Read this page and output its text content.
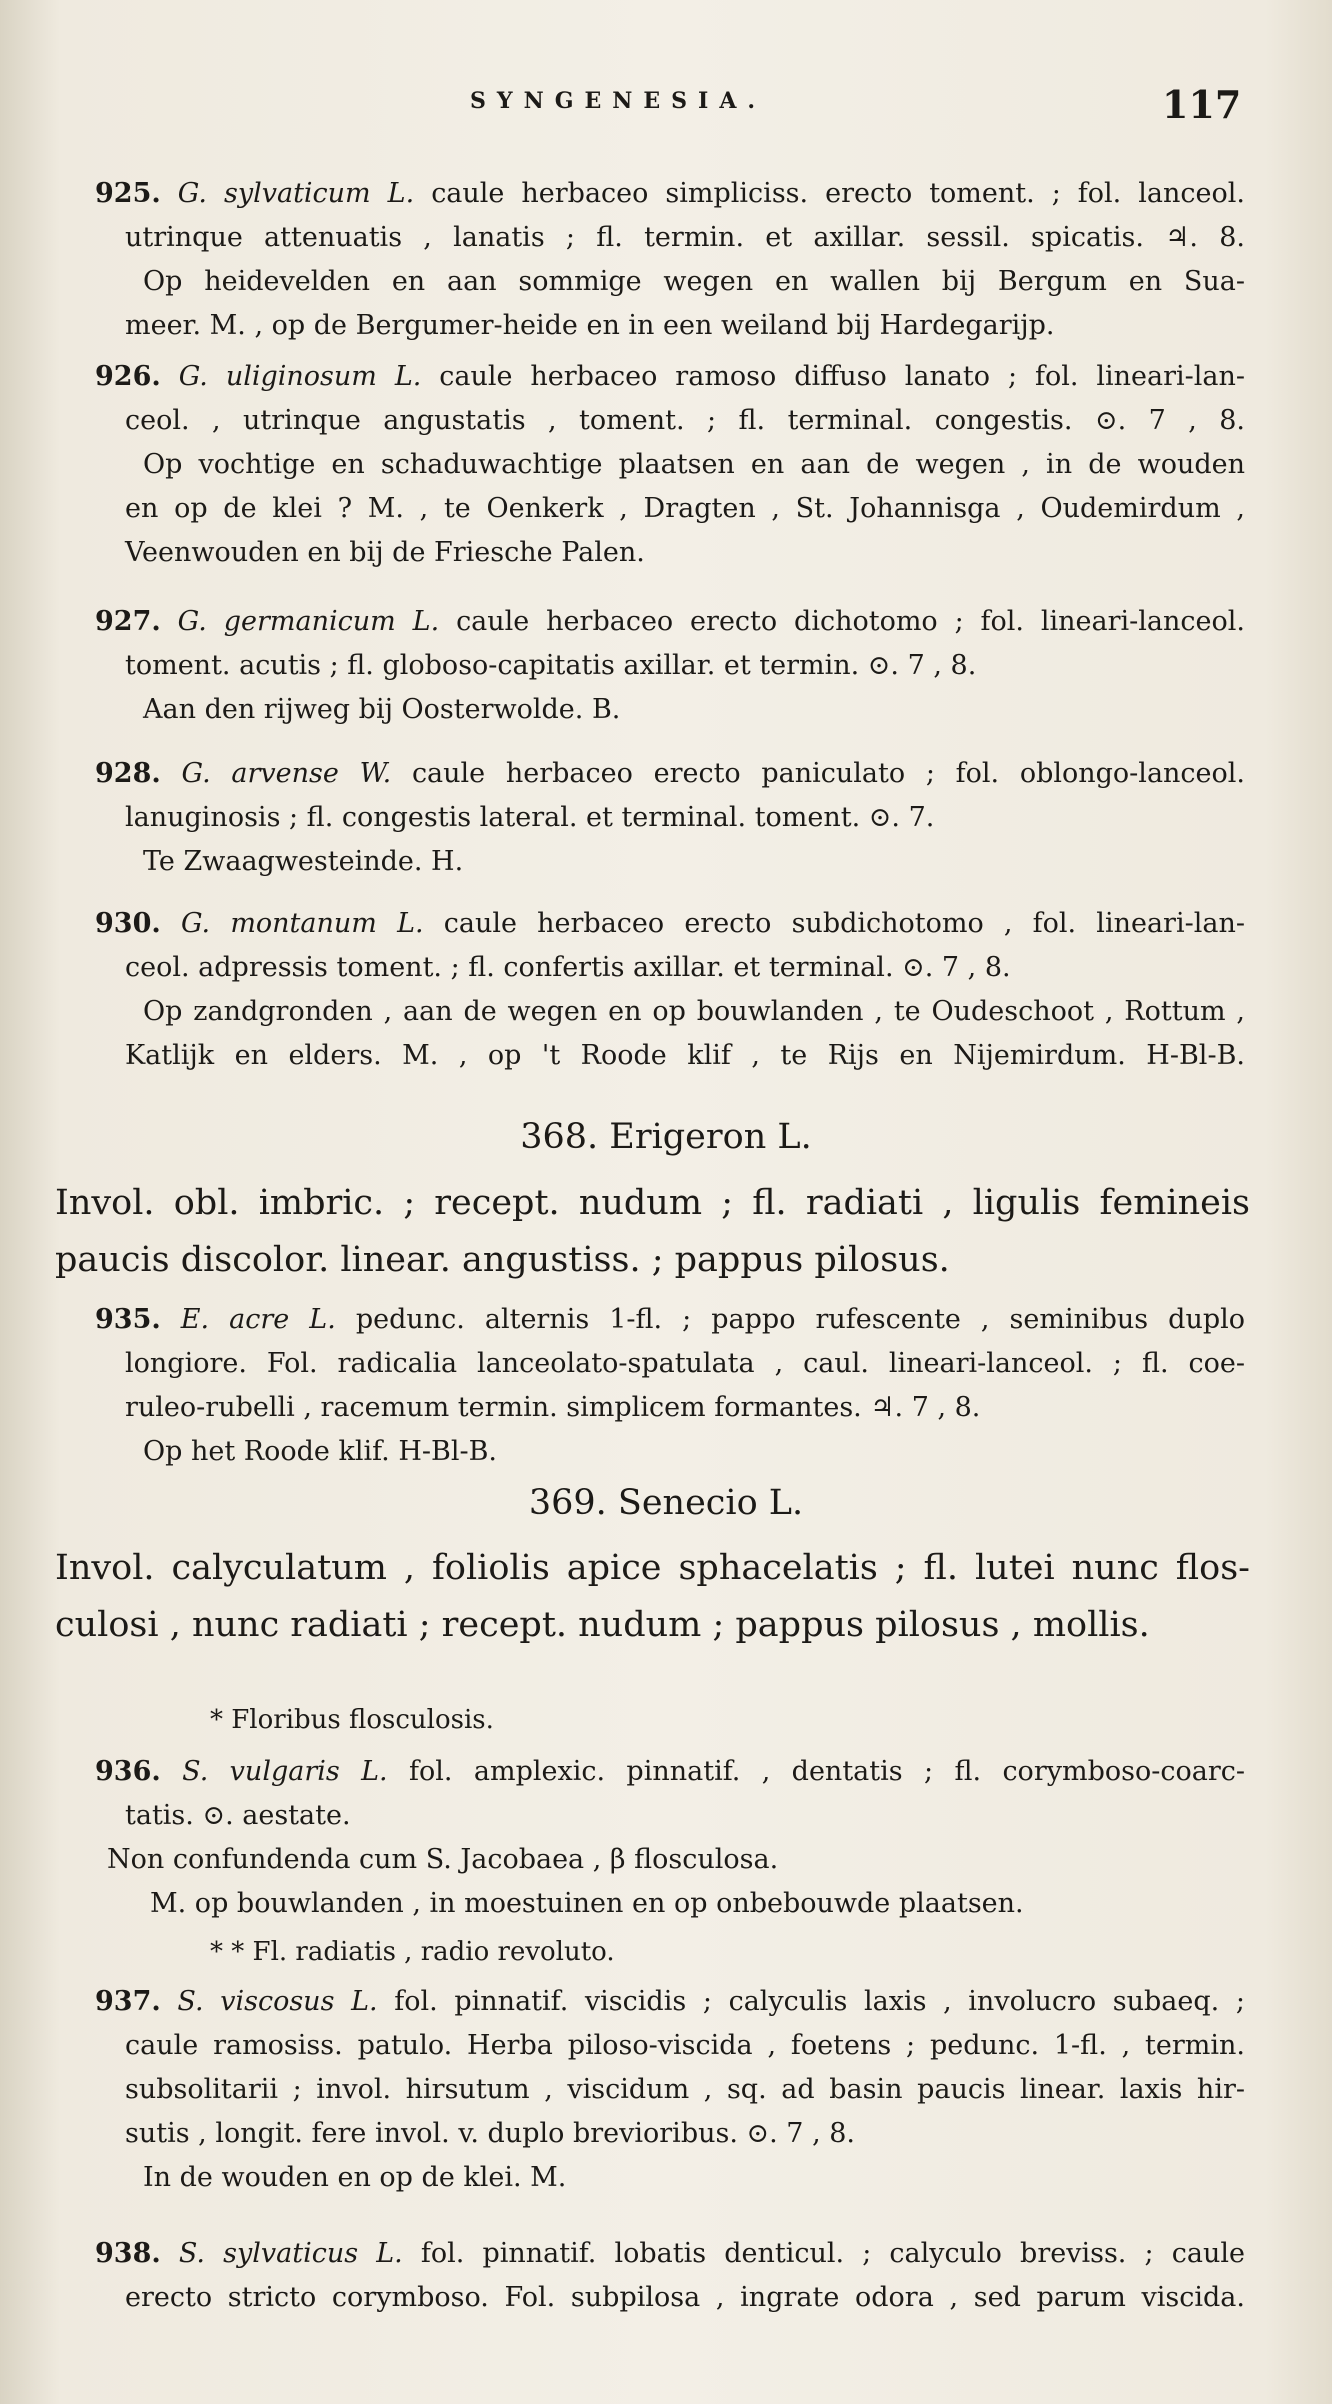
SYNGENESIA.	117
925. G. sylvaticum L. caule herbaceo simpliciss. erecto toment. ; fol. lanceol.
utrinque attenuatis , lanatis ; fl. termin. et axillar. sessil. spicatis. ♃. 8.
Op heidevelden en aan sommige wegen en wallen bij Bergum en Sua-
meer. M. , op de Bergumer-heide en in een weiland bij Hardegarijp.
926. G. uliginosum L. caule herbaceo ramoso diffuso lanato ; fol. lineari-lan-
ceol. , utrinque angustatis , toment. ; fl. terminal. congestis. ⊙. 7 , 8.
Op vochtige en schaduwachtige plaatsen en aan de wegen , in de wouden
en op de klei ? M. , te Oenkerk , Dragten , St. Johannisga , Oudemirdum ,
Veenwouden en bij de Friesche Palen.
927. G. germanicum L. caule herbaceo erecto dichotomo ; fol. lineari-lanceol.
toment. acutis ; fl. globoso-capitatis axillar. et termin. ⊙. 7 , 8.
Aan den rijweg bij Oosterwolde. B.
928. G. arvense W. caule herbaceo erecto paniculato ; fol. oblongo-lanceol.
lanuginosis ; fl. congestis lateral. et terminal. toment. ⊙. 7.
Te Zwaagwesteinde. H.
930. G. montanum L. caule herbaceo erecto subdichotomo , fol. lineari-lan-
ceol. adpressis toment. ; fl. confertis axillar. et terminal. ⊙. 7 , 8.
Op zandgronden , aan de wegen en op bouwlanden , te Oudeschoot , Rottum ,
Katlijk en elders. M. , op 't Roode klif , te Rijs en Nijemirdum. H-Bl-B.
368. Erigeron L.
Invol. obl. imbric. ; recept. nudum ; fl. radiati , ligulis femineis
paucis discolor. linear. angustiss. ; pappus pilosus.
935. E. acre L. pedunc. alternis 1-fl. ; pappo rufescente , seminibus duplo
longiore. Fol. radicalia lanceolato-spatulata , caul. lineari-lanceol. ; fl. coe-
ruleo-rubelli , racemum termin. simplicem formantes. ♃. 7 , 8.
Op het Roode klif. H-Bl-B.
369. Senecio L.
Invol. calyculatum , foliolis apice sphacelatis ; fl. lutei nunc flos-
culosi , nunc radiati ; recept. nudum ; pappus pilosus , mollis.
* Floribus flosculosis.
936. S. vulgaris L. fol. amplexic. pinnatif. , dentatis ; fl. corymboso-coarc-
tatis. ⊙. aestate.
Non confundenda cum S. Jacobaea , β flosculosa.
M. op bouwlanden , in moestuinen en op onbebouwde plaatsen.
* * Fl. radiatis , radio revoluto.
937. S. viscosus L. fol. pinnatif. viscidis ; calyculis laxis , involucro subaeq. ;
caule ramosiss. patulo. Herba piloso-viscida , foetens ; pedunc. 1-fl. , termin.
subsolitarii ; invol. hirsutum , viscidum , sq. ad basin paucis linear. laxis hir-
sutis , longit. fere invol. v. duplo brevioribus. ⊙. 7 , 8.
In de wouden en op de klei. M.
938. S. sylvaticus L. fol. pinnatif. lobatis denticul. ; calyculo breviss. ; caule
erecto stricto corymboso. Fol. subpilosa , ingrate odora , sed parum viscida.
